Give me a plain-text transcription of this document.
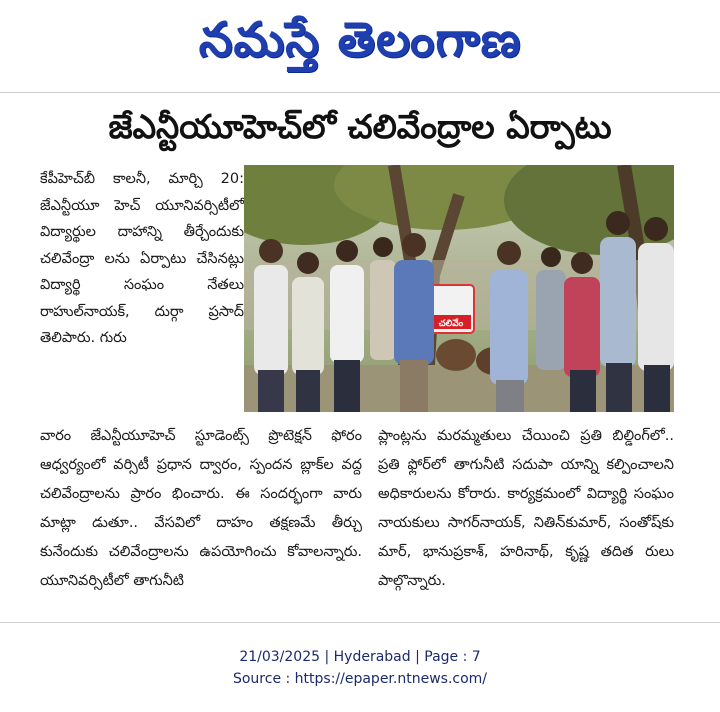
నమస్తే తెలంగాణ
జేఎన్టీయూహెచ్‌లో చలివేంద్రాల ఏర్పాటు

కేపీహెచ్‌బీ కాలనీ, మార్చి 20: జేఎన్టీయూ హెచ్ యూనివర్సిటీలో విద్యార్థుల దాహాన్ని తీర్చేందుకు చలివేంద్రా లను ఏర్పాటు చేసినట్లు విద్యార్థి సంఘం నేతలు రాహుల్‌నాయక్, దుర్గా ప్రసాద్ తెలిపారు. గురు

చలివేం

వారం జేఎన్టీయూహెచ్ స్టూడెంట్స్ ప్రొటెక్షన్ ఫోరం ఆధ్వర్యంలో వర్సిటీ ప్రధాన ద్వారం, స్పందన బ్లాక్‌ల వద్ద చలివేంద్రాలను ప్రారం భించారు. ఈ సందర్భంగా వారు మాట్లా డుతూ.. వేసవిలో దాహం తక్షణమే తీర్చు కునేందుకు చలివేంద్రాలను ఉపయోగించు కోవాలన్నారు. యూనివర్సిటీలో తాగునీటి

ప్లాంట్లను మరమ్మతులు చేయించి ప్రతి బిల్డింగ్‌లో.. ప్రతి ఫ్లోర్‌లో తాగునీటి సదుపా యాన్ని కల్పించాలని అధికారులను కోరారు. కార్యక్రమంలో విద్యార్థి సంఘం నాయకులు సాగర్‌నాయక్, నితిన్‌కుమార్, సంతోష్‌కు మార్, భానుప్రకాశ్, హరినాథ్, కృష్ణ తదిత రులు పాల్గొన్నారు.

21/03/2025 | Hyderabad | Page : 7
Source : https://epaper.ntnews.com/
